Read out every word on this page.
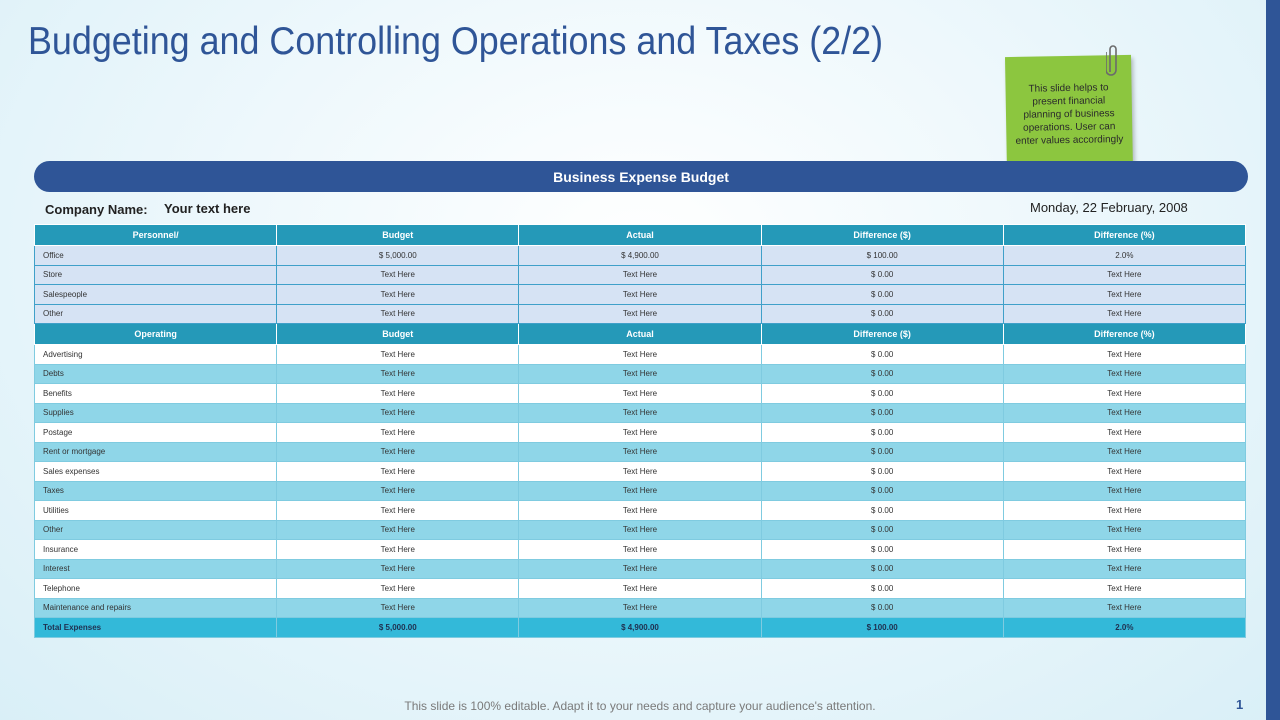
Budgeting and Controlling Operations and Taxes (2/2)
This slide helps to present financial planning of business operations. User can enter values accordingly
Business Expense Budget
Company Name: Your text here	Monday, 22 February, 2008
Personnel/	Budget	Actual	Difference ($)	Difference (%)
Office	$ 5,000.00	$ 4,900.00	$ 100.00	2.0%
Store	Text Here	Text Here	$ 0.00	Text Here
Salespeople	Text Here	Text Here	$ 0.00	Text Here
Other	Text Here	Text Here	$ 0.00	Text Here
Operating	Budget	Actual	Difference ($)	Difference (%)
Advertising	Text Here	Text Here	$ 0.00	Text Here
Debts	Text Here	Text Here	$ 0.00	Text Here
Benefits	Text Here	Text Here	$ 0.00	Text Here
Supplies	Text Here	Text Here	$ 0.00	Text Here
Postage	Text Here	Text Here	$ 0.00	Text Here
Rent or mortgage	Text Here	Text Here	$ 0.00	Text Here
Sales expenses	Text Here	Text Here	$ 0.00	Text Here
Taxes	Text Here	Text Here	$ 0.00	Text Here
Utilities	Text Here	Text Here	$ 0.00	Text Here
Other	Text Here	Text Here	$ 0.00	Text Here
Insurance	Text Here	Text Here	$ 0.00	Text Here
Interest	Text Here	Text Here	$ 0.00	Text Here
Telephone	Text Here	Text Here	$ 0.00	Text Here
Maintenance and repairs	Text Here	Text Here	$ 0.00	Text Here
Total Expenses	$ 5,000.00	$ 4,900.00	$ 100.00	2.0%
This slide is 100% editable. Adapt it to your needs and capture your audience's attention.	1
